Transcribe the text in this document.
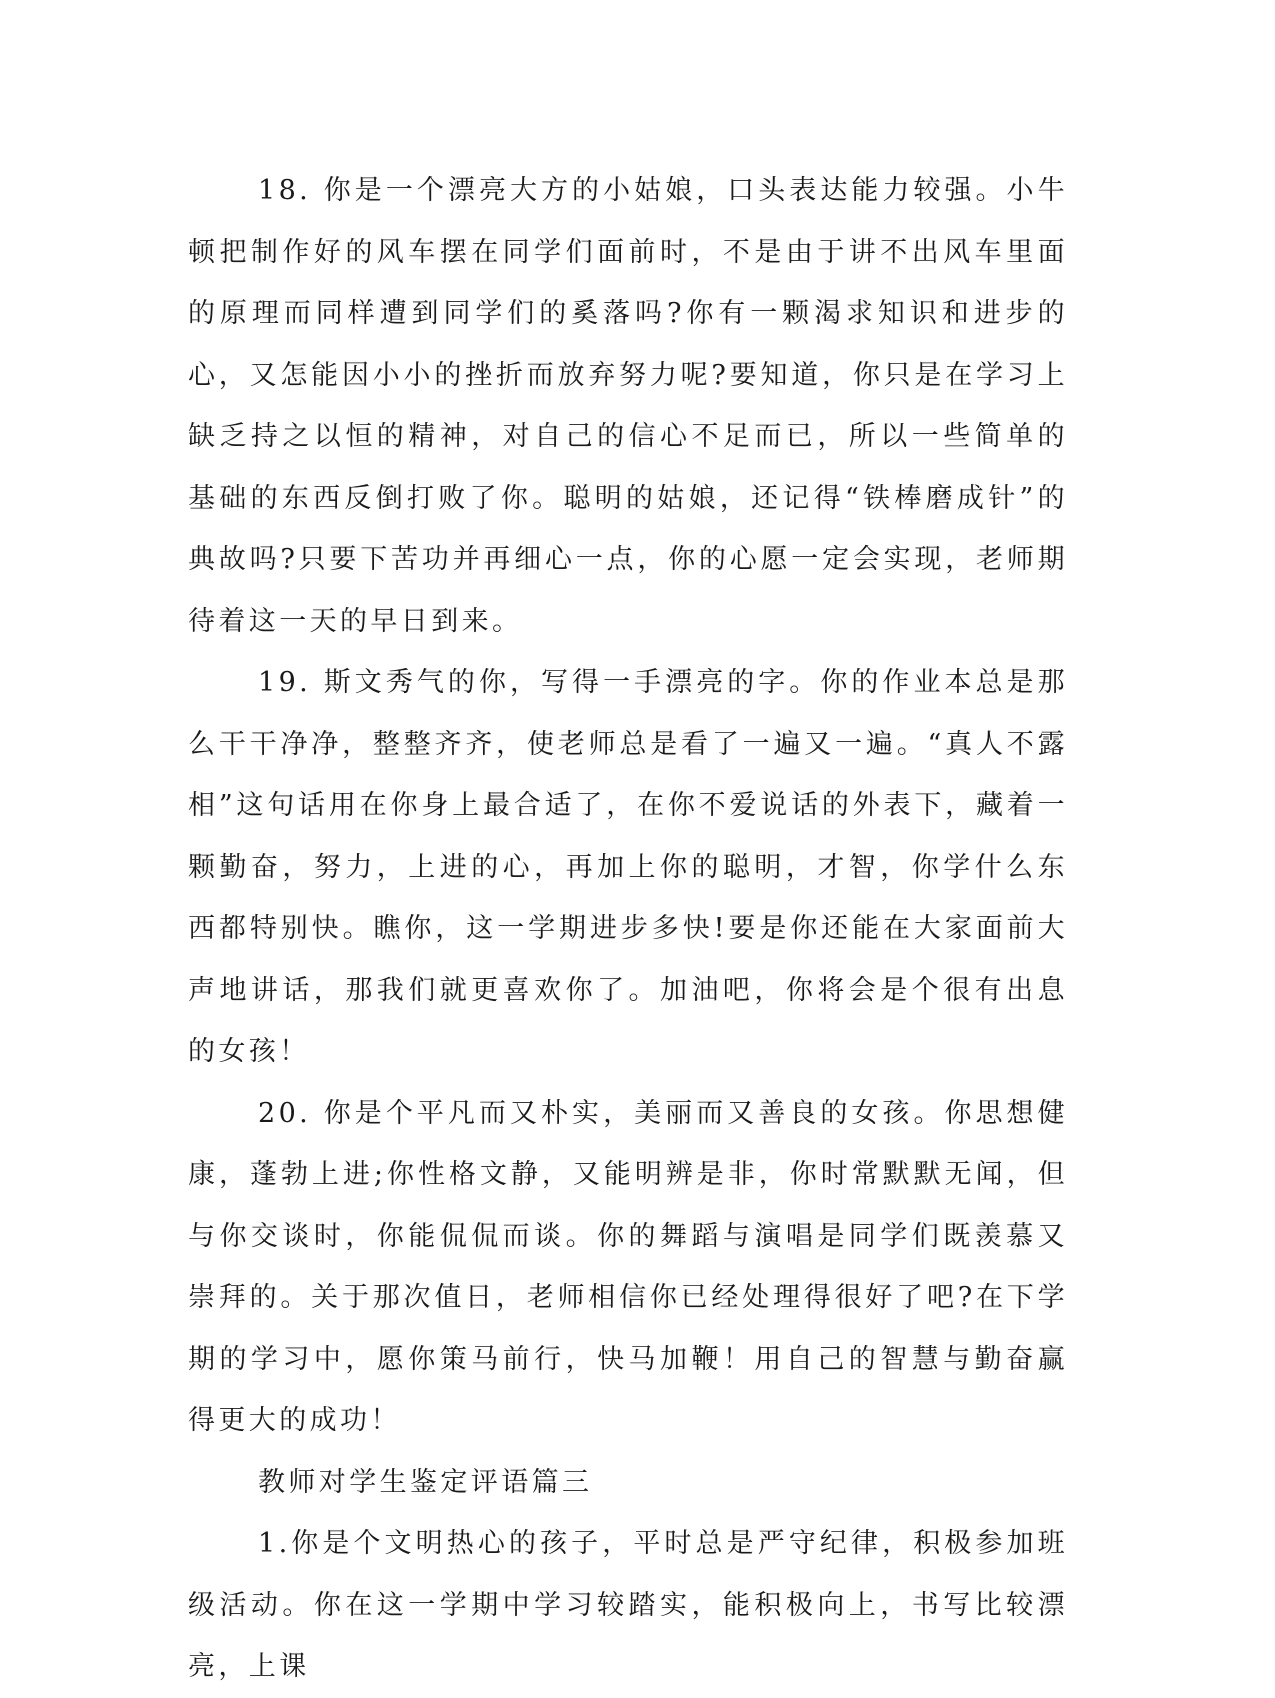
18. 你是一个漂亮大方的小姑娘，口头表达能力较强。小牛顿把制作好的风车摆在同学们面前时，不是由于讲不出风车里面的原理而同样遭到同学们的奚落吗?你有一颗渴求知识和进步的心，又怎能因小小的挫折而放弃努力呢?要知道，你只是在学习上缺乏持之以恒的精神，对自己的信心不足而已，所以一些简单的基础的东西反倒打败了你。聪明的姑娘，还记得“铁棒磨成针”的典故吗?只要下苦功并再细心一点，你的心愿一定会实现，老师期待着这一天的早日到来。

19. 斯文秀气的你，写得一手漂亮的字。你的作业本总是那么干干净净，整整齐齐，使老师总是看了一遍又一遍。“真人不露相”这句话用在你身上最合适了，在你不爱说话的外表下，藏着一颗勤奋，努力，上进的心，再加上你的聪明，才智，你学什么东西都特别快。瞧你，这一学期进步多快!要是你还能在大家面前大声地讲话，那我们就更喜欢你了。加油吧，你将会是个很有出息的女孩！

20. 你是个平凡而又朴实，美丽而又善良的女孩。你思想健康，蓬勃上进;你性格文静，又能明辨是非，你时常默默无闻，但与你交谈时，你能侃侃而谈。你的舞蹈与演唱是同学们既羡慕又崇拜的。关于那次值日，老师相信你已经处理得很好了吧?在下学期的学习中，愿你策马前行，快马加鞭！用自己的智慧与勤奋赢得更大的成功！

教师对学生鉴定评语篇三

1.你是个文明热心的孩子，平时总是严守纪律，积极参加班级活动。你在这一学期中学习较踏实，能积极向上，书写比较漂亮，上课
